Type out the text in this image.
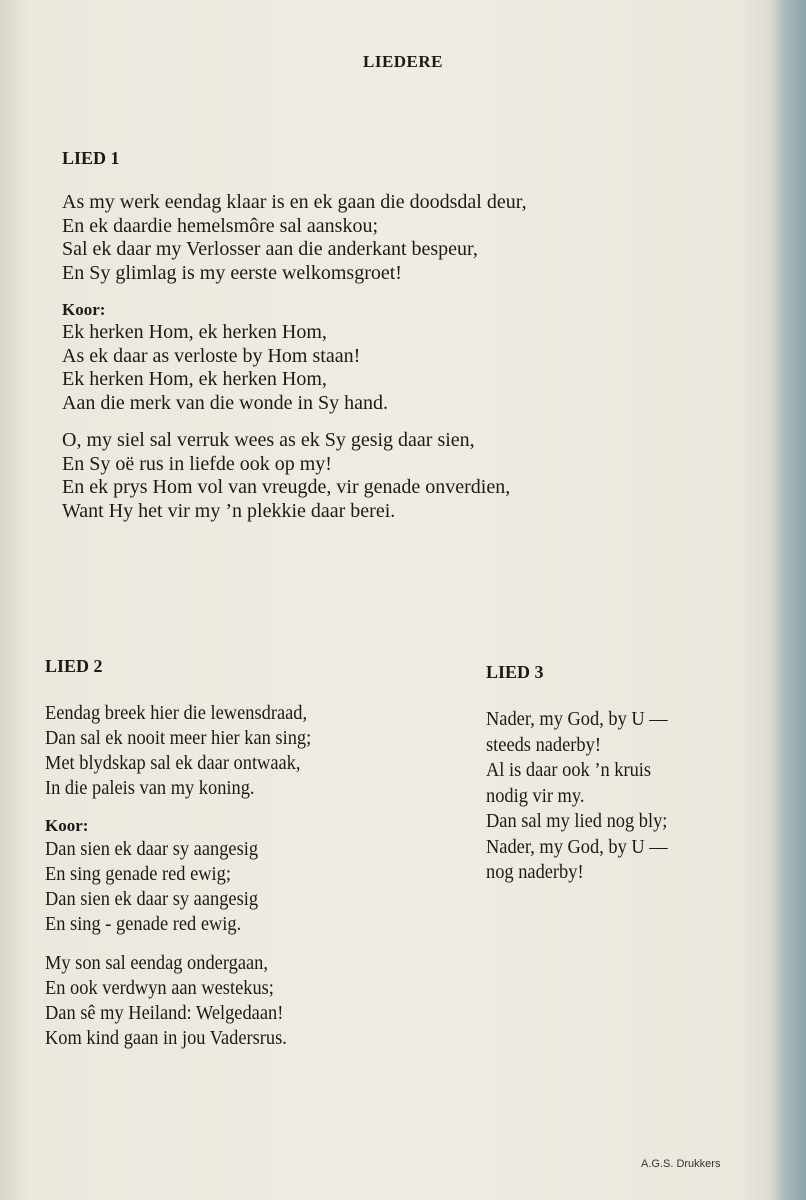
LIEDERE
LIED 1
As my werk eendag klaar is en ek gaan die doodsdal deur,
En ek daardie hemelsmôre sal aanskou;
Sal ek daar my Verlosser aan die anderkant bespeur,
En Sy glimlag is my eerste welkomsgroet!
Koor:
Ek herken Hom, ek herken Hom,
As ek daar as verloste by Hom staan!
Ek herken Hom, ek herken Hom,
Aan die merk van die wonde in Sy hand.
O, my siel sal verruk wees as ek Sy gesig daar sien,
En Sy oë rus in liefde ook op my!
En ek prys Hom vol van vreugde, vir genade onverdien,
Want Hy het vir my ’n plekkie daar berei.
LIED 2
Eendag breek hier die lewensdraad,
Dan sal ek nooit meer hier kan sing;
Met blydskap sal ek daar ontwaak,
In die paleis van my koning.
Koor:
Dan sien ek daar sy aangesig
En sing genade red ewig;
Dan sien ek daar sy aangesig
En sing - genade red ewig.
My son sal eendag ondergaan,
En ook verdwyn aan westekus;
Dan sê my Heiland: Welgedaan!
Kom kind gaan in jou Vadersrus.
LIED 3
Nader, my God, by U —
steeds naderby!
Al is daar ook ’n kruis
nodig vir my.
Dan sal my lied nog bly;
Nader, my God, by U —
nog naderby!
A.G.S. Drukkers
